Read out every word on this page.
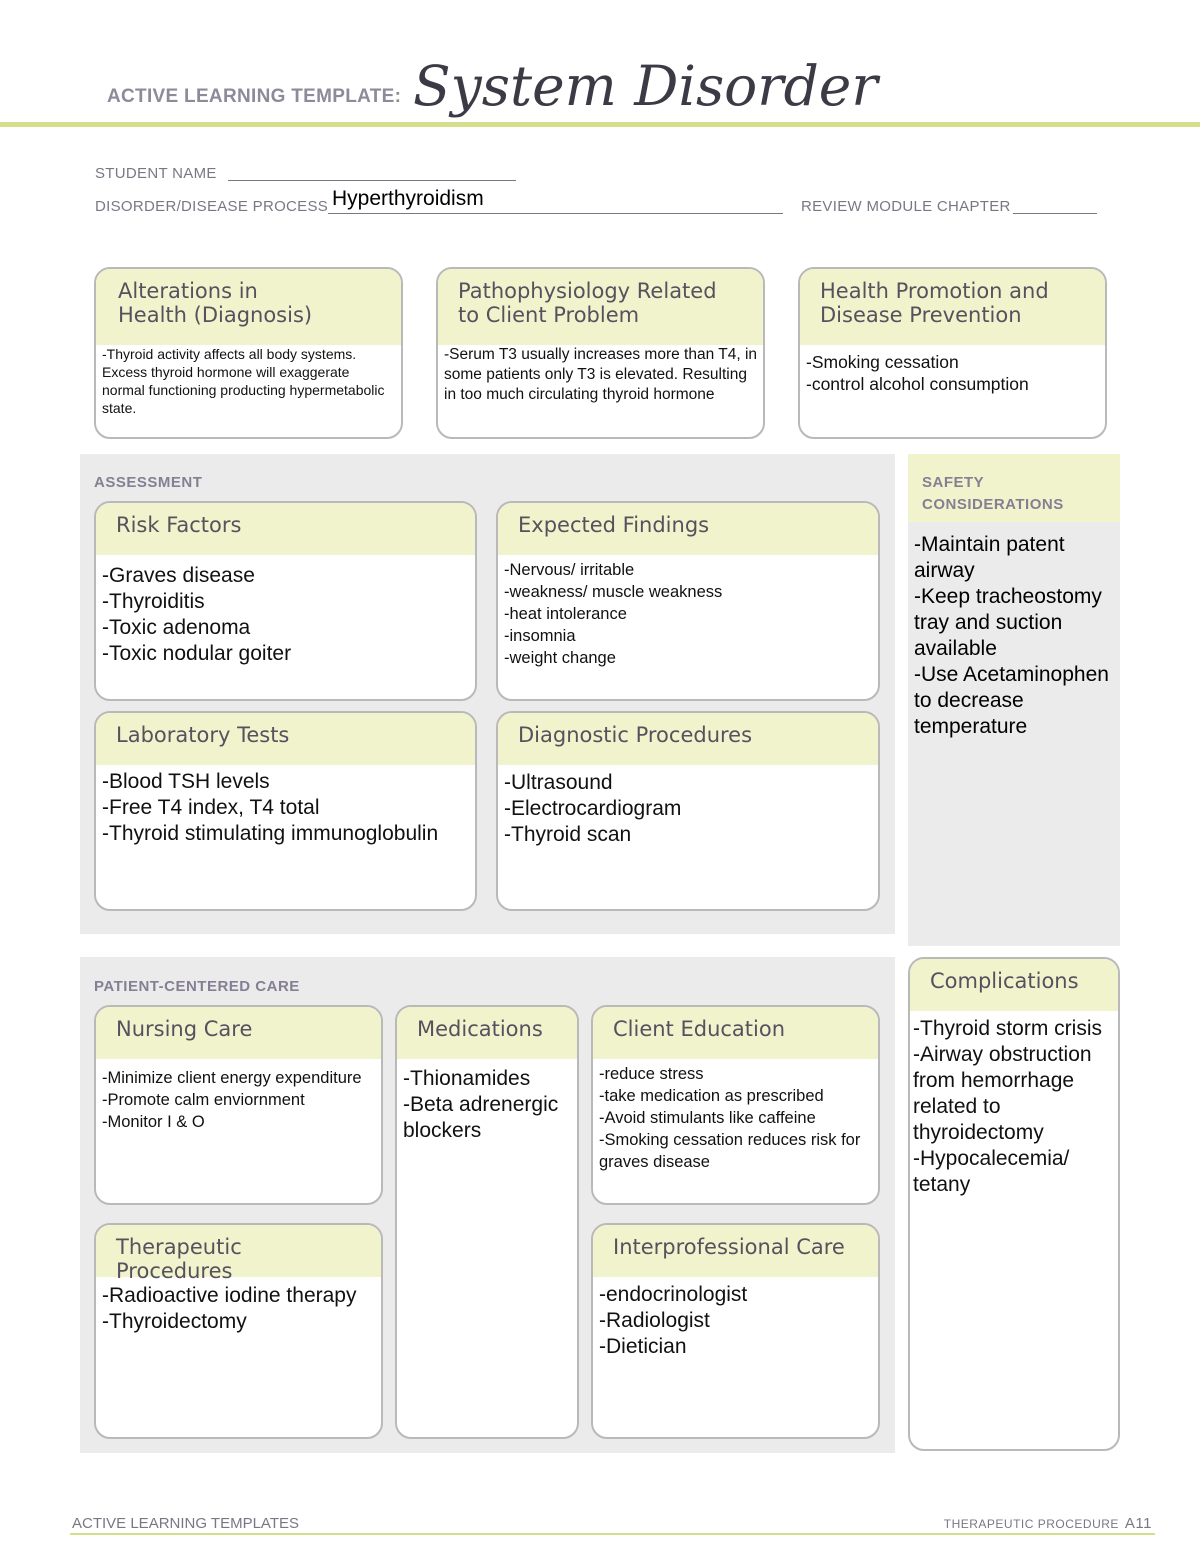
ACTIVE LEARNING TEMPLATE: System Disorder
STUDENT NAME
DISORDER/DISEASE PROCESS Hyperthyroidism	REVIEW MODULE CHAPTER
Alterations in
Health (Diagnosis)
-Thyroid activity affects all body systems. Excess thyroid hormone will exaggerate normal functioning producting hypermetabolic state.
Pathophysiology Related
to Client Problem
-Serum T3 usually increases more than T4, in some patients only T3 is elevated. Resulting in too much circulating thyroid hormone
Health Promotion and
Disease Prevention
-Smoking cessation
-control alcohol consumption
ASSESSMENT
Risk Factors
-Graves disease
-Thyroiditis
-Toxic adenoma
-Toxic nodular goiter
Expected Findings
-Nervous/ irritable
-weakness/ muscle weakness
-heat intolerance
-insomnia
-weight change
Laboratory Tests
-Blood TSH levels
-Free T4 index, T4 total
-Thyroid stimulating immunoglobulin
Diagnostic Procedures
-Ultrasound
-Electrocardiogram
-Thyroid scan
SAFETY
CONSIDERATIONS
-Maintain patent airway
-Keep tracheostomy tray and suction available
-Use Acetaminophen to decrease temperature
PATIENT-CENTERED CARE
Nursing Care
-Minimize client energy expenditure
-Promote calm enviornment
-Monitor I & O
Medications
-Thionamides
-Beta adrenergic blockers
Client Education
-reduce stress
-take medication as prescribed
-Avoid stimulants like caffeine
-Smoking cessation reduces risk for graves disease
Therapeutic Procedures
-Radioactive iodine therapy
-Thyroidectomy
Interprofessional Care
-endocrinologist
-Radiologist
-Dietician
Complications
-Thyroid storm crisis
-Airway obstruction from hemorrhage related to thyroidectomy
-Hypocalecemia/ tetany
ACTIVE LEARNING TEMPLATES	THERAPEUTIC PROCEDURE A11
